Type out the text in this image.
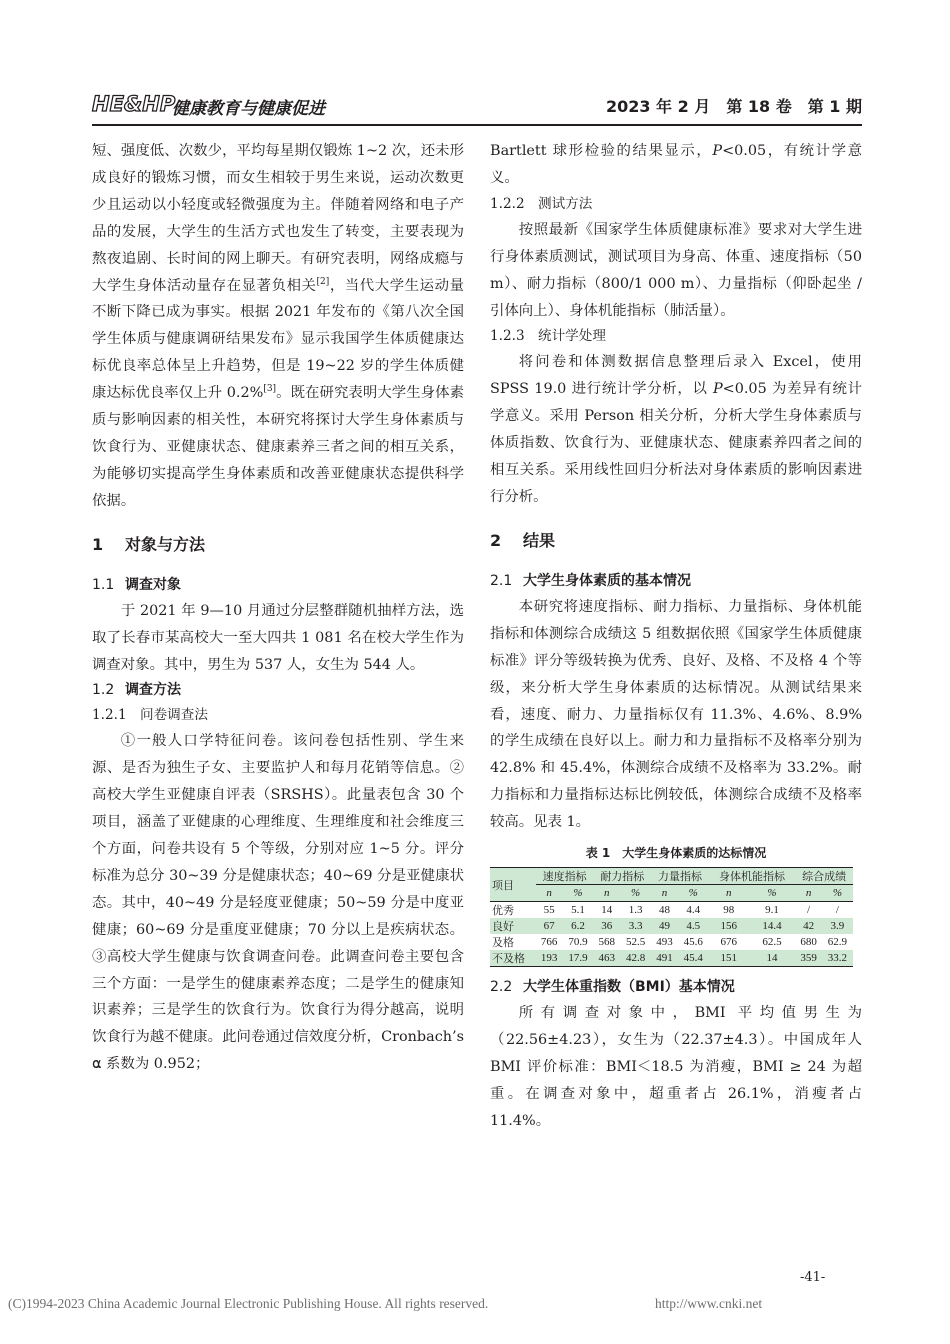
HE&HP
健康教育与健康促进	2023 年 2 月　第 18 卷　第 1 期

短、强度低、次数少，平均每星期仅锻炼 1~2 次，还未形成良好的锻炼习惯，而女生相较于男生来说，运动次数更少且运动以小轻度或轻微强度为主。伴随着网络和电子产品的发展，大学生的生活方式也发生了转变，主要表现为熬夜追剧、长时间的网上聊天。有研究表明，网络成瘾与大学生身体活动量存在显著负相关[2]，当代大学生运动量不断下降已成为事实。根据 2021 年发布的《第八次全国学生体质与健康调研结果发布》显示我国学生体质健康达标优良率总体呈上升趋势，但是 19~22 岁的学生体质健康达标优良率仅上升 0.2%[3]。既在研究表明大学生身体素质与影响因素的相关性，本研究将探讨大学生身体素质与饮食行为、亚健康状态、健康素养三者之间的相互关系，为能够切实提高学生身体素质和改善亚健康状态提供科学依据。

1 对象与方法
1.1 调查对象

于 2021 年 9—10 月通过分层整群随机抽样方法，选取了长春市某高校大一至大四共 1 081 名在校大学生作为调查对象。其中，男生为 537 人，女生为 544 人。

1.2 调查方法
1.2.1 问卷调查法

①一般人口学特征问卷。该问卷包括性别、学生来源、是否为独生子女、主要监护人和每月花销等信息。②高校大学生亚健康自评表（SRSHS）。此量表包含 30 个项目，涵盖了亚健康的心理维度、生理维度和社会维度三个方面，问卷共设有 5 个等级，分别对应 1~5 分。评分标准为总分 30~39 分是健康状态；40~69 分是亚健康状态。其中，40~49 分是轻度亚健康；50~59 分是中度亚健康；60~69 分是重度亚健康；70 分以上是疾病状态。③高校大学生健康与饮食调查问卷。此调查问卷主要包含三个方面：一是学生的健康素养态度；二是学生的健康知识素养；三是学生的饮食行为。饮食行为得分越高，说明饮食行为越不健康。此问卷通过信效度分析，Cronbach’s ⍺ 系数为 0.952；

Bartlett 球形检验的结果显示，P<0.05，有统计学意义。

1.2.2 测试方法

按照最新《国家学生体质健康标准》要求对大学生进行身体素质测试，测试项目为身高、体重、速度指标（50 m）、耐力指标（800/1 000 m）、力量指标（仰卧起坐 / 引体向上）、身体机能指标（肺活量）。

1.2.3 统计学处理

将问卷和体测数据信息整理后录入 Excel，使用 SPSS 19.0 进行统计学分析，以 P<0.05 为差异有统计学意义。采用 Person 相关分析，分析大学生身体素质与体质指数、饮食行为、亚健康状态、健康素养四者之间的相互关系。采用线性回归分析法对身体素质的影响因素进行分析。

2 结果
2.1 大学生身体素质的基本情况

本研究将速度指标、耐力指标、力量指标、身体机能指标和体测综合成绩这 5 组数据依照《国家学生体质健康标准》评分等级转换为优秀、良好、及格、不及格 4 个等级，来分析大学生身体素质的达标情况。从测试结果来看，速度、耐力、力量指标仅有 11.3%、4.6%、8.9% 的学生成绩在良好以上。耐力和力量指标不及格率分别为 42.8% 和 45.4%，体测综合成绩不及格率为 33.2%。耐力指标和力量指标达标比例较低，体测综合成绩不及格率较高。见表 1。

表 1　大学生身体素质的达标情况
项目	速度指标		耐力指标		力量指标		身体机能指标		综合成绩	
	n	%	n	%	n	%	n	%	n	%
优秀	55	5.1	14	1.3	48	4.4	98	9.1	/	/
良好	67	6.2	36	3.3	49	4.5	156	14.4	42	3.9
及格	766	70.9	568	52.5	493	45.6	676	62.5	680	62.9
不及格	193	17.9	463	42.8	491	45.4	151	14	359	33.2
2.2 大学生体重指数（BMI）基本情况

所有调查对象中，BMI 平均值男生为（22.56±4.23），女生为（22.37±4.3）。中国成年人 BMI 评价标准：BMI＜18.5 为消瘦，BMI ≥ 24 为超重。在调查对象中，超重者占 26.1%，消瘦者占 11.4%。

-41-
(C)1994-2023 China Academic Journal Electronic Publishing House. All rights reserved.	http://www.cnki.net
